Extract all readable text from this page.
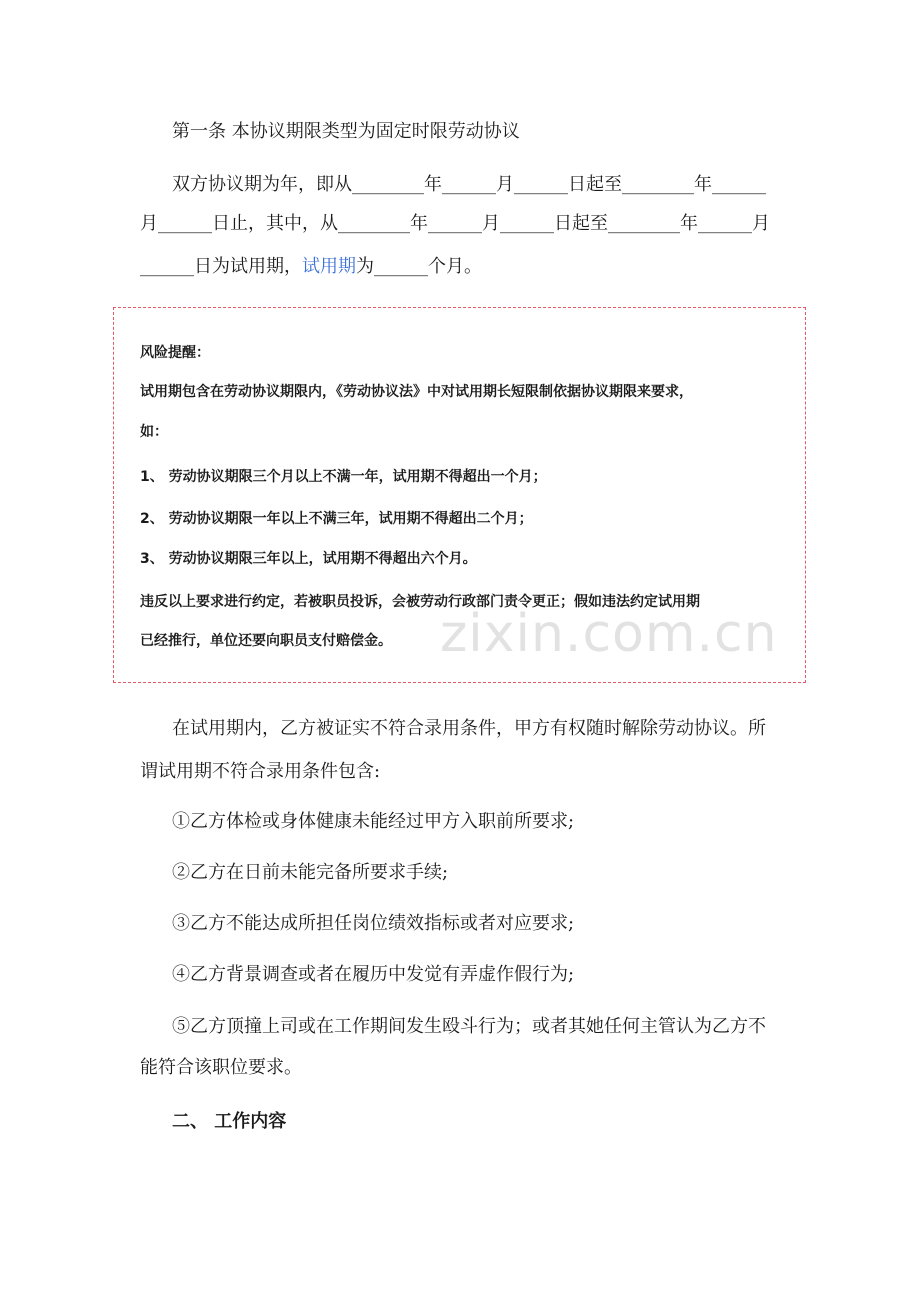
第一条 本协议期限类型为固定时限劳动协议
双方协议期为年，即从________年______月______日起至________年______
月______日止，其中，从________年______月______日起至________年______月
______日为试用期，试用期为______个月。
风险提醒：
试用期包含在劳动协议期限内，《劳动协议法》中对试用期长短限制依据协议期限来要求，
如：
1、 劳动协议期限三个月以上不满一年，试用期不得超出一个月；
2、 劳动协议期限一年以上不满三年，试用期不得超出二个月；
3、 劳动协议期限三年以上，试用期不得超出六个月。
违反以上要求进行约定，若被职员投诉，会被劳动行政部门责令更正；假如违法约定试用期
已经推行，单位还要向职员支付赔偿金。 zixin.com.cn
在试用期内，乙方被证实不符合录用条件，甲方有权随时解除劳动协议。所
谓试用期不符合录用条件包含:
①乙方体检或身体健康未能经过甲方入职前所要求;
②乙方在日前未能完备所要求手续;
③乙方不能达成所担任岗位绩效指标或者对应要求;
④乙方背景调查或者在履历中发觉有弄虚作假行为;
⑤乙方顶撞上司或在工作期间发生殴斗行为；或者其她任何主管认为乙方不
能符合该职位要求。
二、 工作内容
